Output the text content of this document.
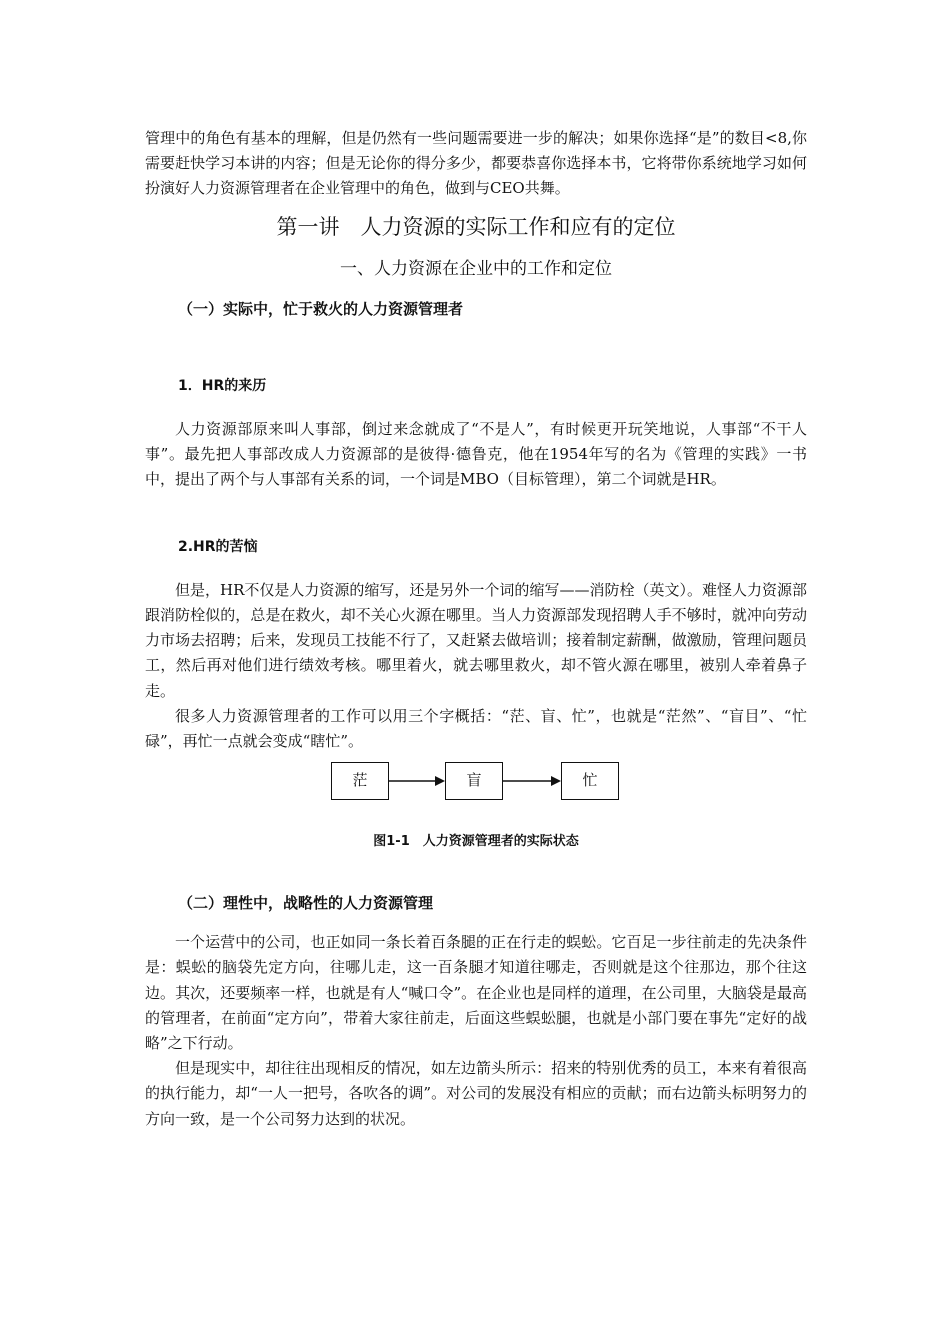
管理中的角色有基本的理解，但是仍然有一些问题需要进一步的解决；如果你选择“是”的数目<8,你需要赶快学习本讲的内容；但是无论你的得分多少，都要恭喜你选择本书，它将带你系统地学习如何扮演好人力资源管理者在企业管理中的角色，做到与CEO共舞。

第一讲　人力资源的实际工作和应有的定位
一、人力资源在企业中的工作和定位
（一）实际中，忙于救火的人力资源管理者
1．HR的来历

人力资源部原来叫人事部，倒过来念就成了“不是人”，有时候更开玩笑地说，人事部“不干人事”。最先把人事部改成人力资源部的是彼得·德鲁克，他在1954年写的名为《管理的实践》一书中，提出了两个与人事部有关系的词，一个词是MBO（目标管理），第二个词就是HR。

2.HR的苦恼

但是，HR不仅是人力资源的缩写，还是另外一个词的缩写——消防栓（英文）。难怪人力资源部跟消防栓似的，总是在救火，却不关心火源在哪里。当人力资源部发现招聘人手不够时，就冲向劳动力市场去招聘；后来，发现员工技能不行了，又赶紧去做培训；接着制定薪酬，做激励，管理问题员工，然后再对他们进行绩效考核。哪里着火，就去哪里救火，却不管火源在哪里，被别人牵着鼻子走。

很多人力资源管理者的工作可以用三个字概括：“茫、盲、忙”，也就是“茫然”、“盲目”、“忙碌”，再忙一点就会变成“瞎忙”。

茫	盲	忙
图1-1　人力资源管理者的实际状态
（二）理性中，战略性的人力资源管理

一个运营中的公司，也正如同一条长着百条腿的正在行走的蜈蚣。它百足一步往前走的先决条件是：蜈蚣的脑袋先定方向，往哪儿走，这一百条腿才知道往哪走，否则就是这个往那边，那个往这边。其次，还要频率一样，也就是有人“喊口令”。在企业也是同样的道理，在公司里，大脑袋是最高的管理者，在前面“定方向”，带着大家往前走，后面这些蜈蚣腿，也就是小部门要在事先“定好的战略”之下行动。

但是现实中，却往往出现相反的情况，如左边箭头所示：招来的特别优秀的员工，本来有着很高的执行能力，却“一人一把号，各吹各的调”。对公司的发展没有相应的贡献；而右边箭头标明努力的方向一致，是一个公司努力达到的状况。
